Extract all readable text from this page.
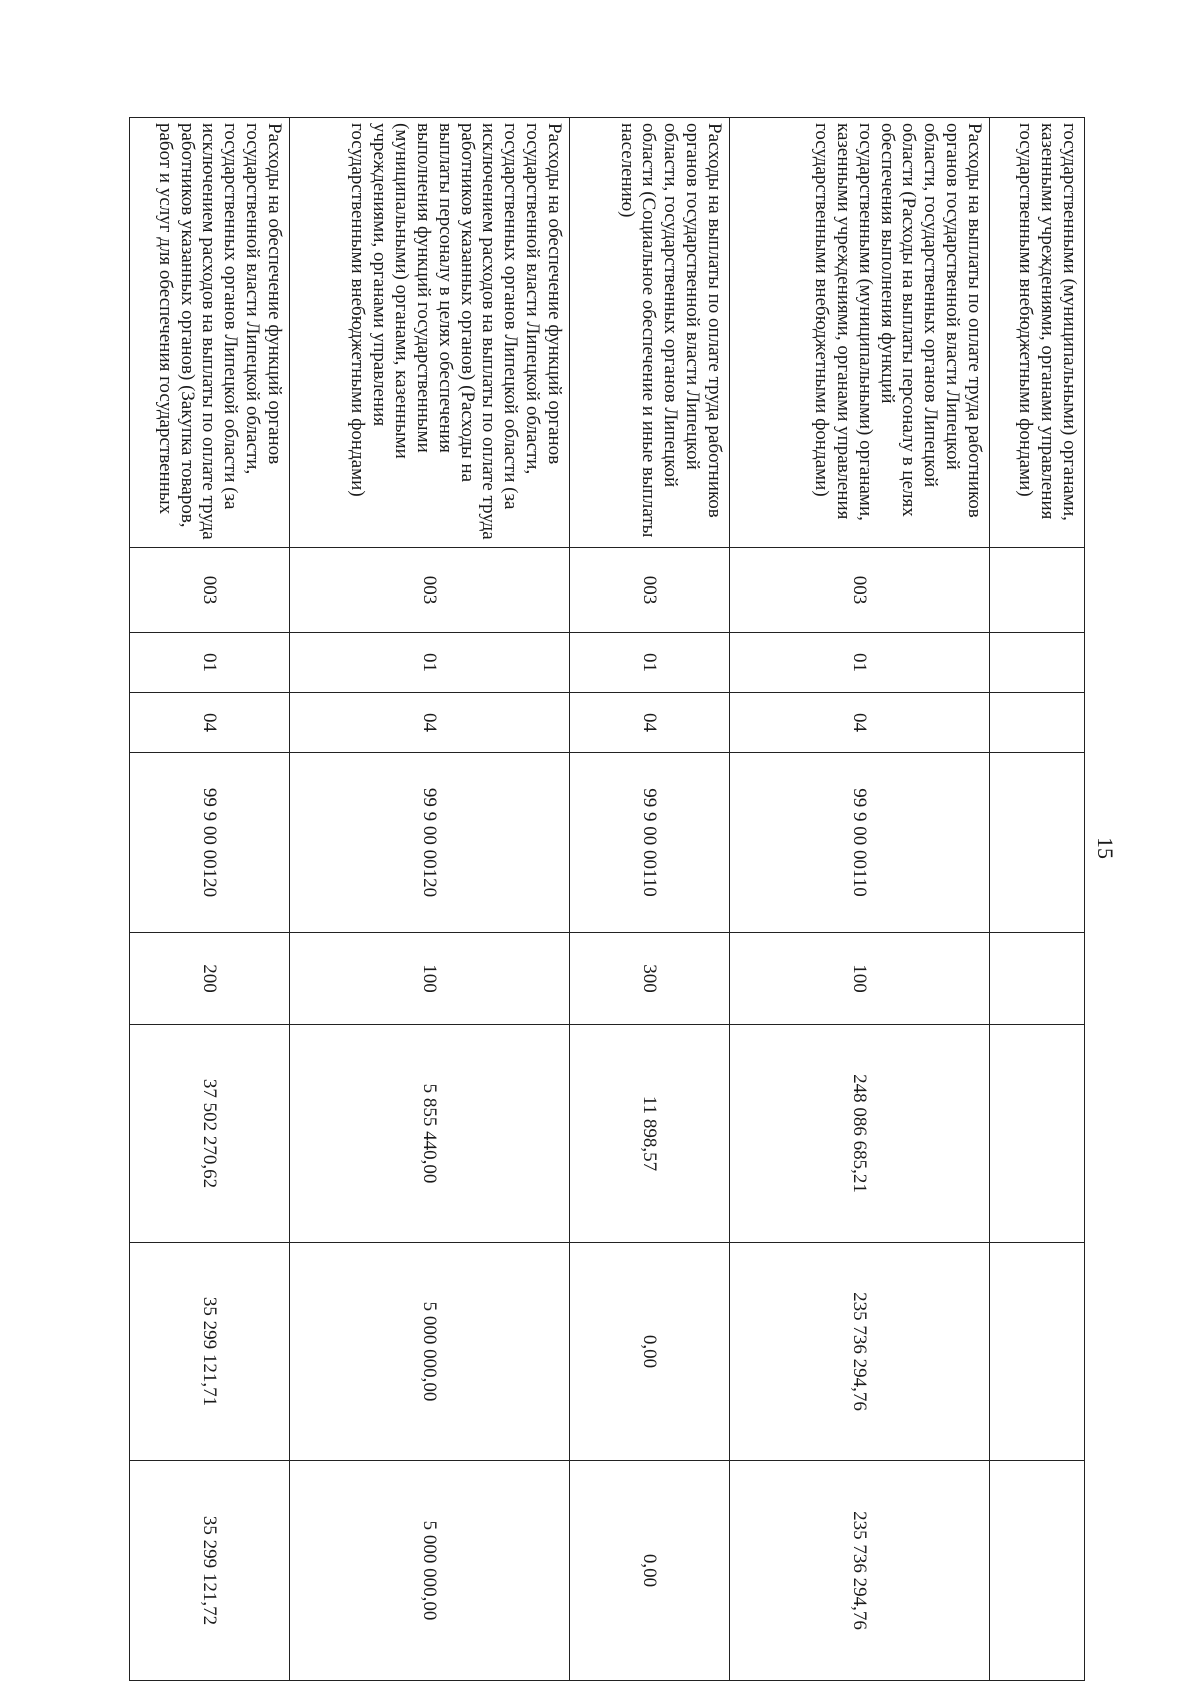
15
государственными (муниципальными) органами, казенными учреждениями, органами управления государственными внебюджетными фондами)								
Расходы на выплаты по оплате труда работников органов государственной власти Липецкой области, государственных органов Липецкой области (Расходы на выплаты персоналу в целях обеспечения выполнения функций государственными (муниципальными) органами, казенными учреждениями, органами управления государственными внебюджетными фондами)	003	01	04	99 9 00 00110	100	248 086 685,21	235 736 294,76	235 736 294,76
Расходы на выплаты по оплате труда работников органов государственной власти Липецкой области, государственных органов Липецкой области (Социальное обеспечение и иные выплаты населению)	003	01	04	99 9 00 00110	300	11 898,57	0,00	0,00
Расходы на обеспечение функций органов государственной власти Липецкой области, государственных органов Липецкой области (за исключением расходов на выплаты по оплате труда работников указанных органов) (Расходы на выплаты персоналу в целях обеспечения выполнения функций государственными (муниципальными) органами, казенными учреждениями, органами управления государственными внебюджетными фондами)	003	01	04	99 9 00 00120	100	5 855 440,00	5 000 000,00	5 000 000,00
Расходы на обеспечение функций органов государственной власти Липецкой области, государственных органов Липецкой области (за исключением расходов на выплаты по оплате труда работников указанных органов) (Закупка товаров, работ и услуг для обеспечения государственных	003	01	04	99 9 00 00120	200	37 502 270,62	35 299 121,71	35 299 121,72
